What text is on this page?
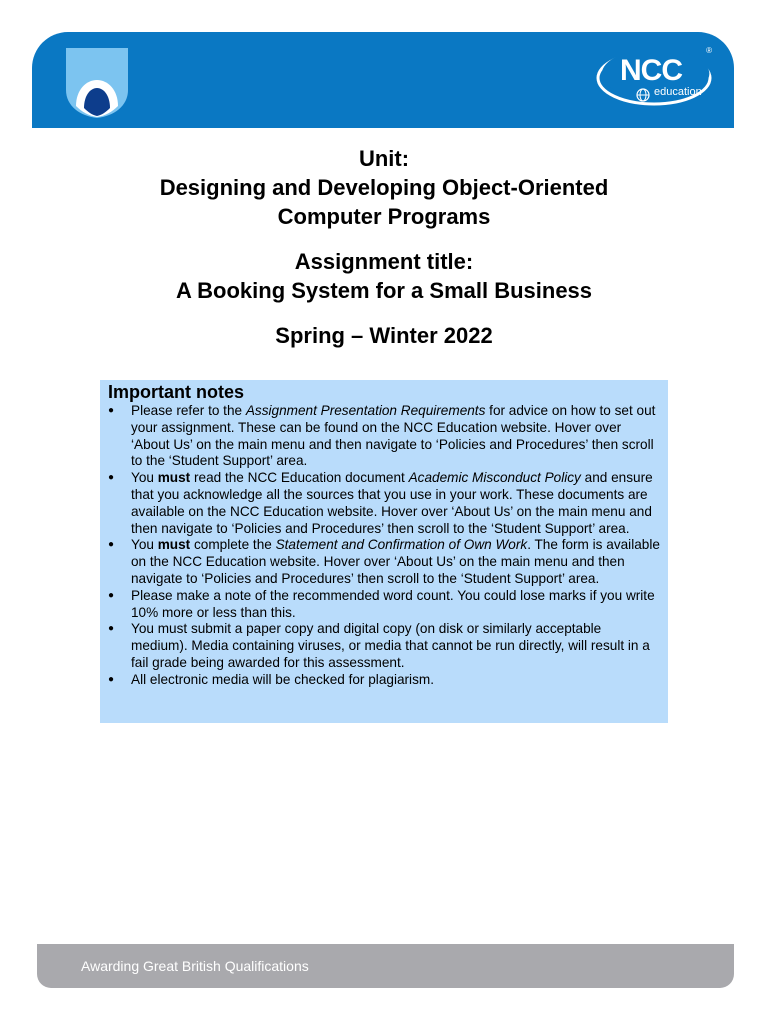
NCC
education
®

Unit:

Designing and Developing Object-Oriented

Computer Programs

Assignment title:

A Booking System for a Small Business

Spring – Winter 2022

Important notes
● Please refer to the Assignment Presentation Requirements for advice on how to set out your assignment. These can be found on the NCC Education website. Hover over ‘About Us’ on the main menu and then navigate to ‘Policies and Procedures’ then scroll to the ‘Student Support’ area.
● You must read the NCC Education document Academic Misconduct Policy and ensure that you acknowledge all the sources that you use in your work. These documents are available on the NCC Education website. Hover over ‘About Us’ on the main menu and then navigate to ‘Policies and Procedures’ then scroll to the ‘Student Support’ area.
● You must complete the Statement and Confirmation of Own Work. The form is available on the NCC Education website. Hover over ‘About Us’ on the main menu and then navigate to ‘Policies and Procedures’ then scroll to the ‘Student Support’ area.
● Please make a note of the recommended word count. You could lose marks if you write 10% more or less than this.
● You must submit a paper copy and digital copy (on disk or similarly acceptable medium). Media containing viruses, or media that cannot be run directly, will result in a fail grade being awarded for this assessment.
● All electronic media will be checked for plagiarism.
Awarding Great British Qualifications
